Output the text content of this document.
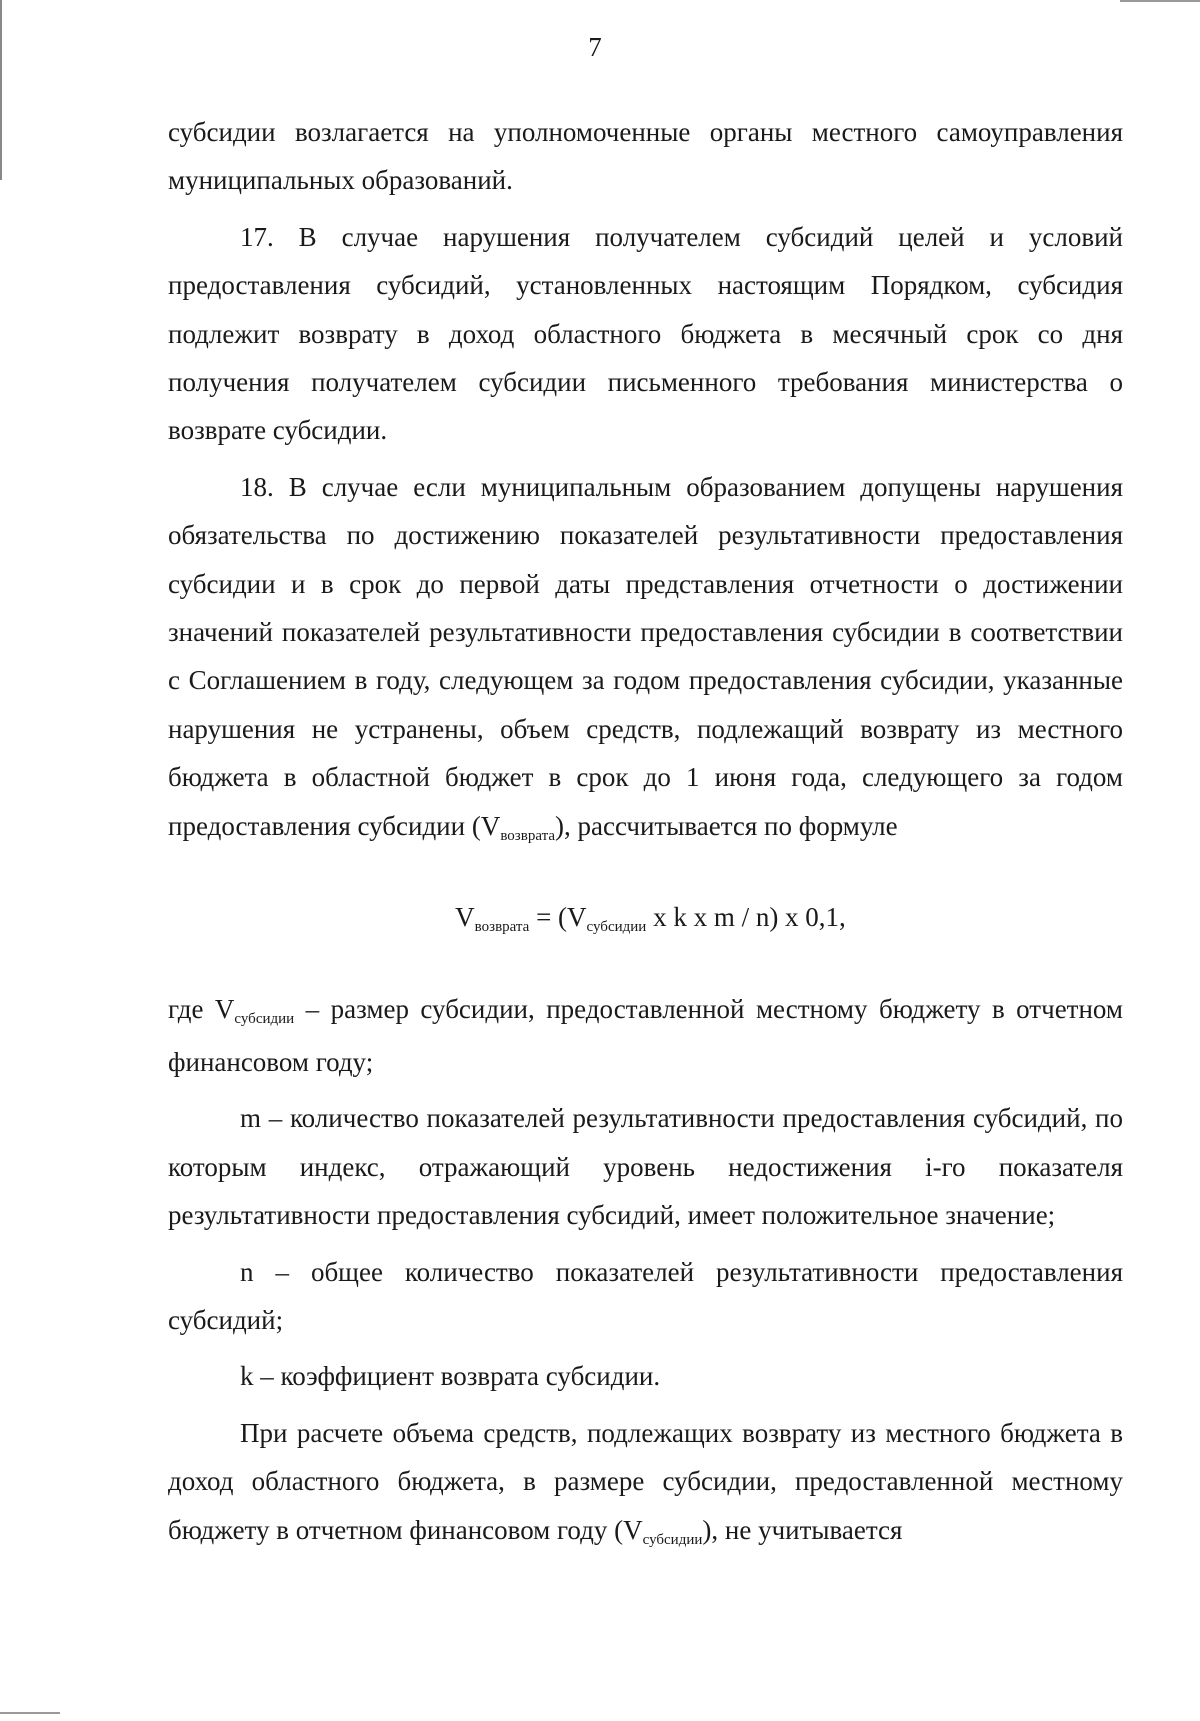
7

субсидии возлагается на уполномоченные органы местного самоуправления муниципальных образований.

17. В случае нарушения получателем субсидий целей и условий предоставления субсидий, установленных настоящим Порядком, субсидия подлежит возврату в доход областного бюджета в месячный срок со дня получения получателем субсидии письменного требования министерства о возврате субсидии.

18. В случае если муниципальным образованием допущены нарушения обязательства по достижению показателей результативности предоставления субсидии и в срок до первой даты представления отчетности о достижении значений показателей результативности предоставления субсидии в соответствии с Соглашением в году, следующем за годом предоставления субсидии, указанные нарушения не устранены, объем средств, подлежащий возврату из местного бюджета в областной бюджет в срок до 1 июня года, следующего за годом предоставления субсидии (Vвозврата), рассчитывается по формуле

Vвозврата = (Vсубсидии x k x m / n) x 0,1,

где Vсубсидии – размер субсидии, предоставленной местному бюджету в отчетном финансовом году;

m – количество показателей результативности предоставления субсидий, по которым индекс, отражающий уровень недостижения i-го показателя результативности предоставления субсидий, имеет положительное значение;

n – общее количество показателей результативности предоставления субсидий;

k – коэффициент возврата субсидии.

При расчете объема средств, подлежащих возврату из местного бюджета в доход областного бюджета, в размере субсидии, предоставленной местному бюджету в отчетном финансовом году (Vсубсидии), не учитывается
